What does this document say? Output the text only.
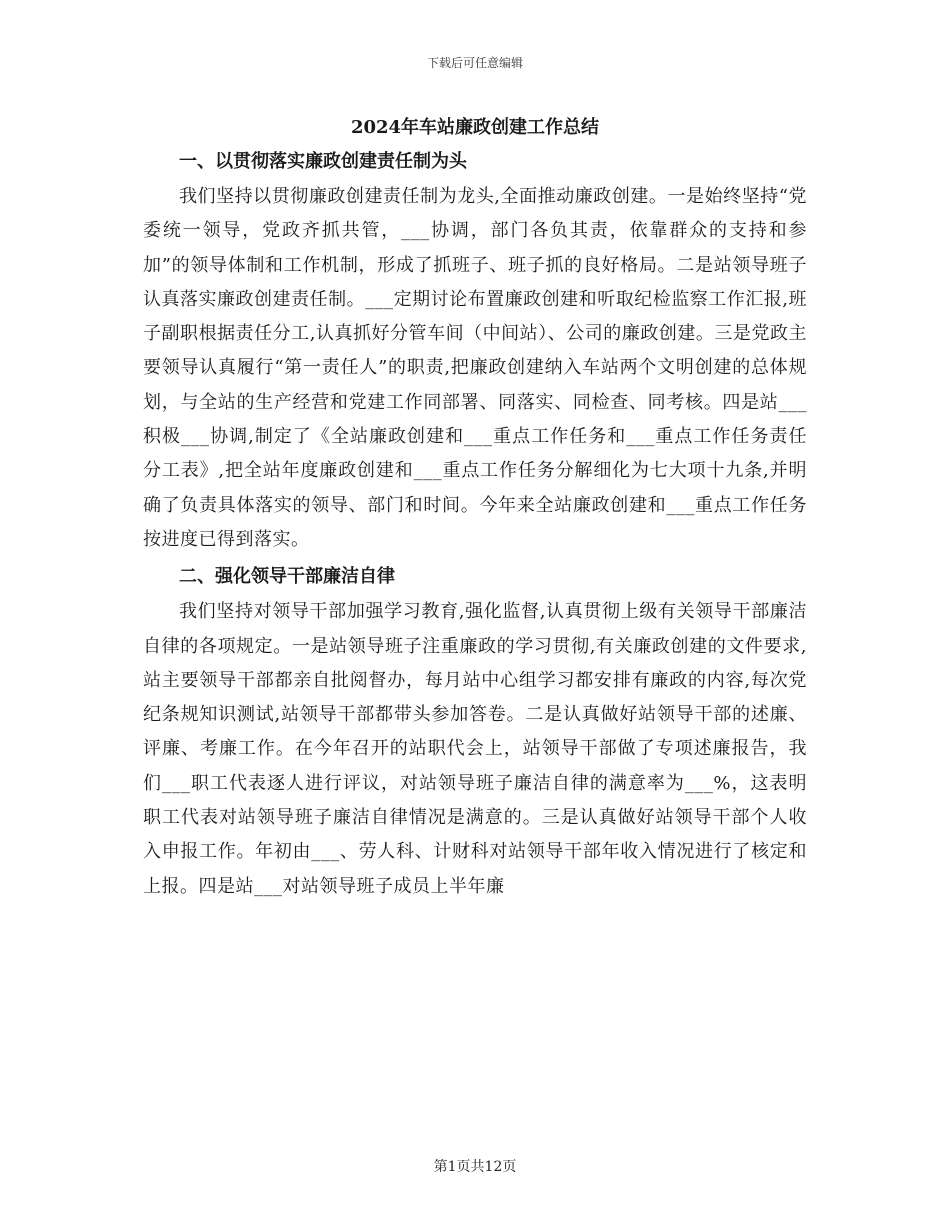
下载后可任意编辑
2024年车站廉政创建工作总结
一、以贯彻落实廉政创建责任制为头

我们坚持以贯彻廉政创建责任制为龙头,全面推动廉政创建。一是始终坚持“党委统一领导，党政齐抓共管，___协调，部门各负其责，依靠群众的支持和参加”的领导体制和工作机制，形成了抓班子、班子抓的良好格局。二是站领导班子认真落实廉政创建责任制。___定期讨论布置廉政创建和听取纪检监察工作汇报,班子副职根据责任分工,认真抓好分管车间（中间站）、公司的廉政创建。三是党政主要领导认真履行“第一责任人”的职责,把廉政创建纳入车站两个文明创建的总体规划，与全站的生产经营和党建工作同部署、同落实、同检查、同考核。四是站___积极___协调,制定了《全站廉政创建和___重点工作任务和___重点工作任务责任分工表》,把全站年度廉政创建和___重点工作任务分解细化为七大项十九条,并明确了负责具体落实的领导、部门和时间。今年来全站廉政创建和___重点工作任务按进度已得到落实。

二、强化领导干部廉洁自律

我们坚持对领导干部加强学习教育,强化监督,认真贯彻上级有关领导干部廉洁自律的各项规定。一是站领导班子注重廉政的学习贯彻,有关廉政创建的文件要求,站主要领导干部都亲自批阅督办，每月站中心组学习都安排有廉政的内容,每次党纪条规知识测试,站领导干部都带头参加答卷。二是认真做好站领导干部的述廉、评廉、考廉工作。在今年召开的站职代会上，站领导干部做了专项述廉报告，我们___职工代表逐人进行评议，对站领导班子廉洁自律的满意率为___%，这表明职工代表对站领导班子廉洁自律情况是满意的。三是认真做好站领导干部个人收入申报工作。年初由___、劳人科、计财科对站领导干部年收入情况进行了核定和上报。四是站___对站领导班子成员上半年廉

第1页共12页
